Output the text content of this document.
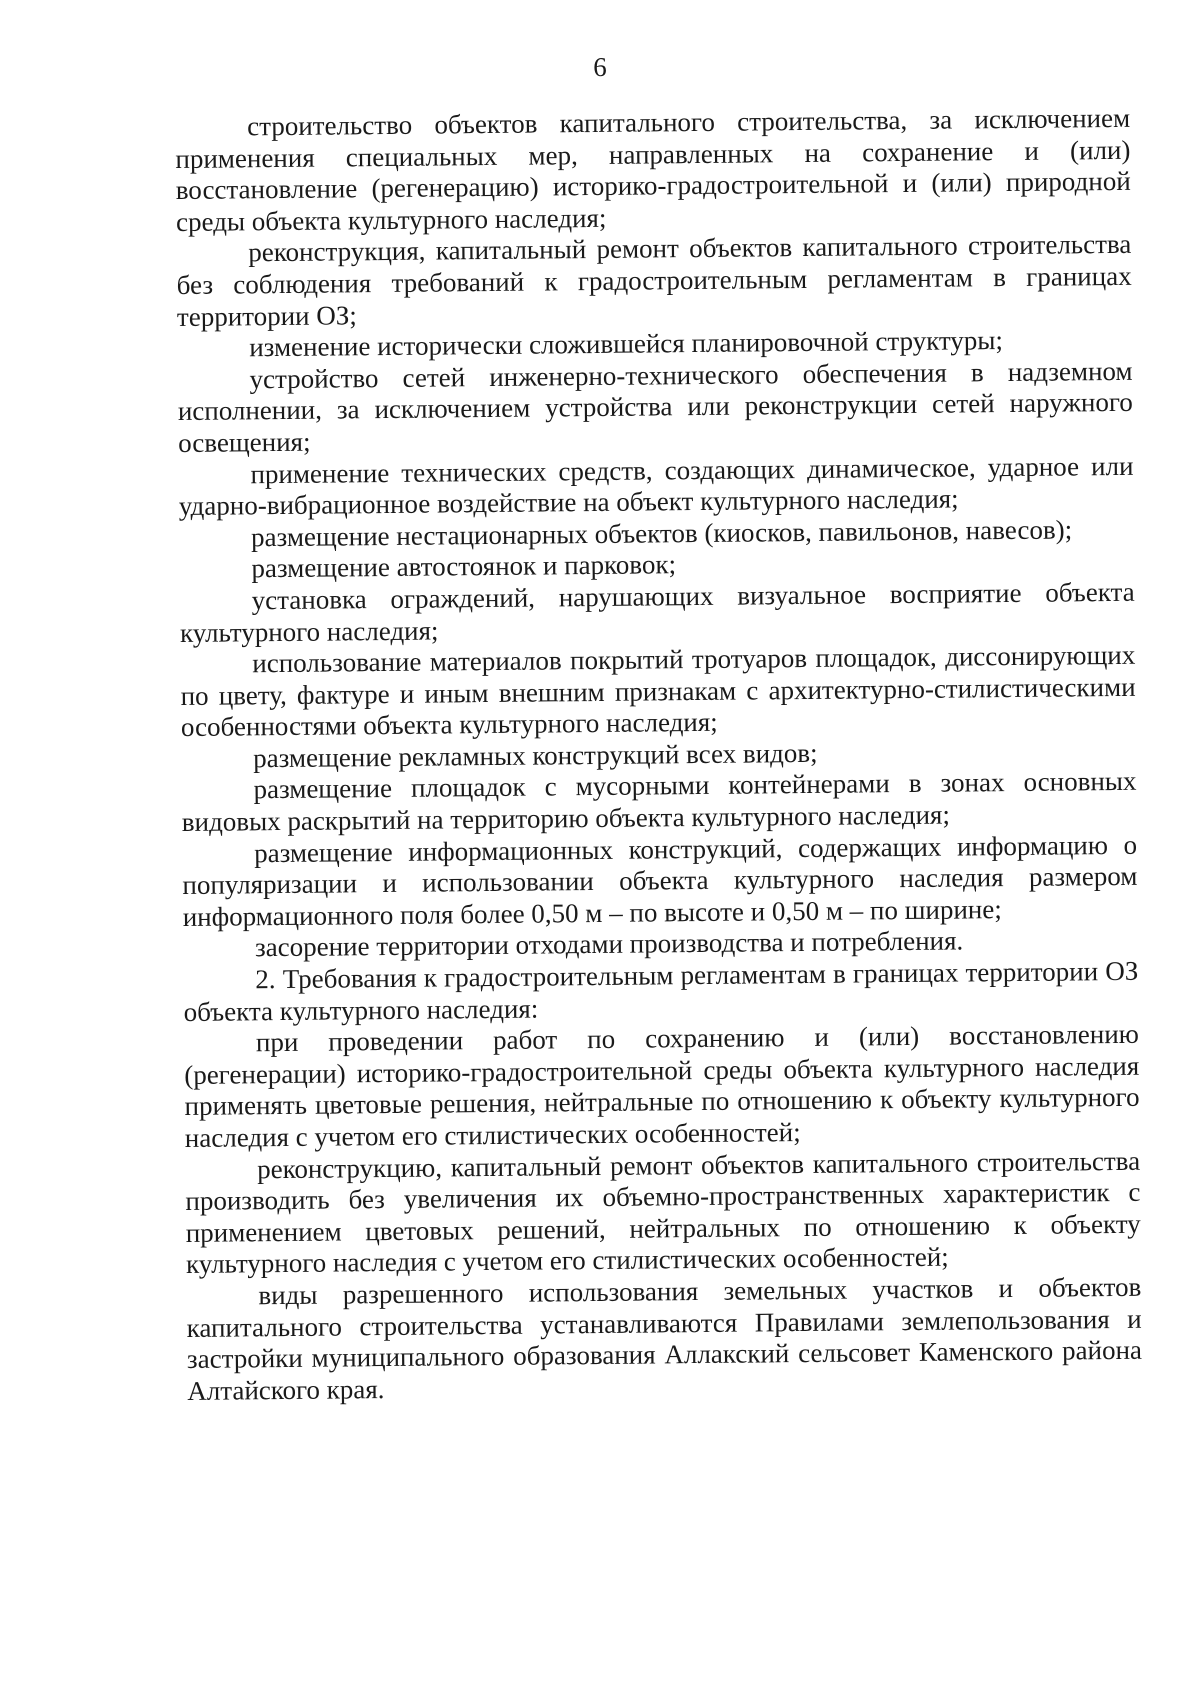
6

строительство объектов капитального строительства, за исключением применения специальных мер, направленных на сохранение и (или) восстановление (регенерацию) историко-градостроительной и (или) природной среды объекта культурного наследия;

реконструкция, капитальный ремонт объектов капитального строительства без соблюдения требований к градостроительным регламентам в границах территории ОЗ;

изменение исторически сложившейся планировочной структуры;

устройство сетей инженерно-технического обеспечения в надземном исполнении, за исключением устройства или реконструкции сетей наружного освещения;

применение технических средств, создающих динамическое, ударное или ударно-вибрационное воздействие на объект культурного наследия;

размещение нестационарных объектов (киосков, павильонов, навесов);

размещение автостоянок и парковок;

установка ограждений, нарушающих визуальное восприятие объекта культурного наследия;

использование материалов покрытий тротуаров площадок, диссонирующих по цвету, фактуре и иным внешним признакам с архитектурно-стилистическими особенностями объекта культурного наследия;

размещение рекламных конструкций всех видов;

размещение площадок с мусорными контейнерами в зонах основных видовых раскрытий на территорию объекта культурного наследия;

размещение информационных конструкций, содержащих информацию о популяризации и использовании объекта культурного наследия размером информационного поля более 0,50 м – по высоте и 0,50 м – по ширине;

засорение территории отходами производства и потребления.

2. Требования к градостроительным регламентам в границах территории ОЗ объекта культурного наследия:

при проведении работ по сохранению и (или) восстановлению (регенерации) историко-градостроительной среды объекта культурного наследия применять цветовые решения, нейтральные по отношению к объекту культурного наследия с учетом его стилистических особенностей;

реконструкцию, капитальный ремонт объектов капитального строительства производить без увеличения их объемно-пространственных характеристик с применением цветовых решений, нейтральных по отношению к объекту культурного наследия с учетом его стилистических особенностей;

виды разрешенного использования земельных участков и объектов капитального строительства устанавливаются Правилами землепользования и застройки муниципального образования Аллакский сельсовет Каменского района Алтайского края.
